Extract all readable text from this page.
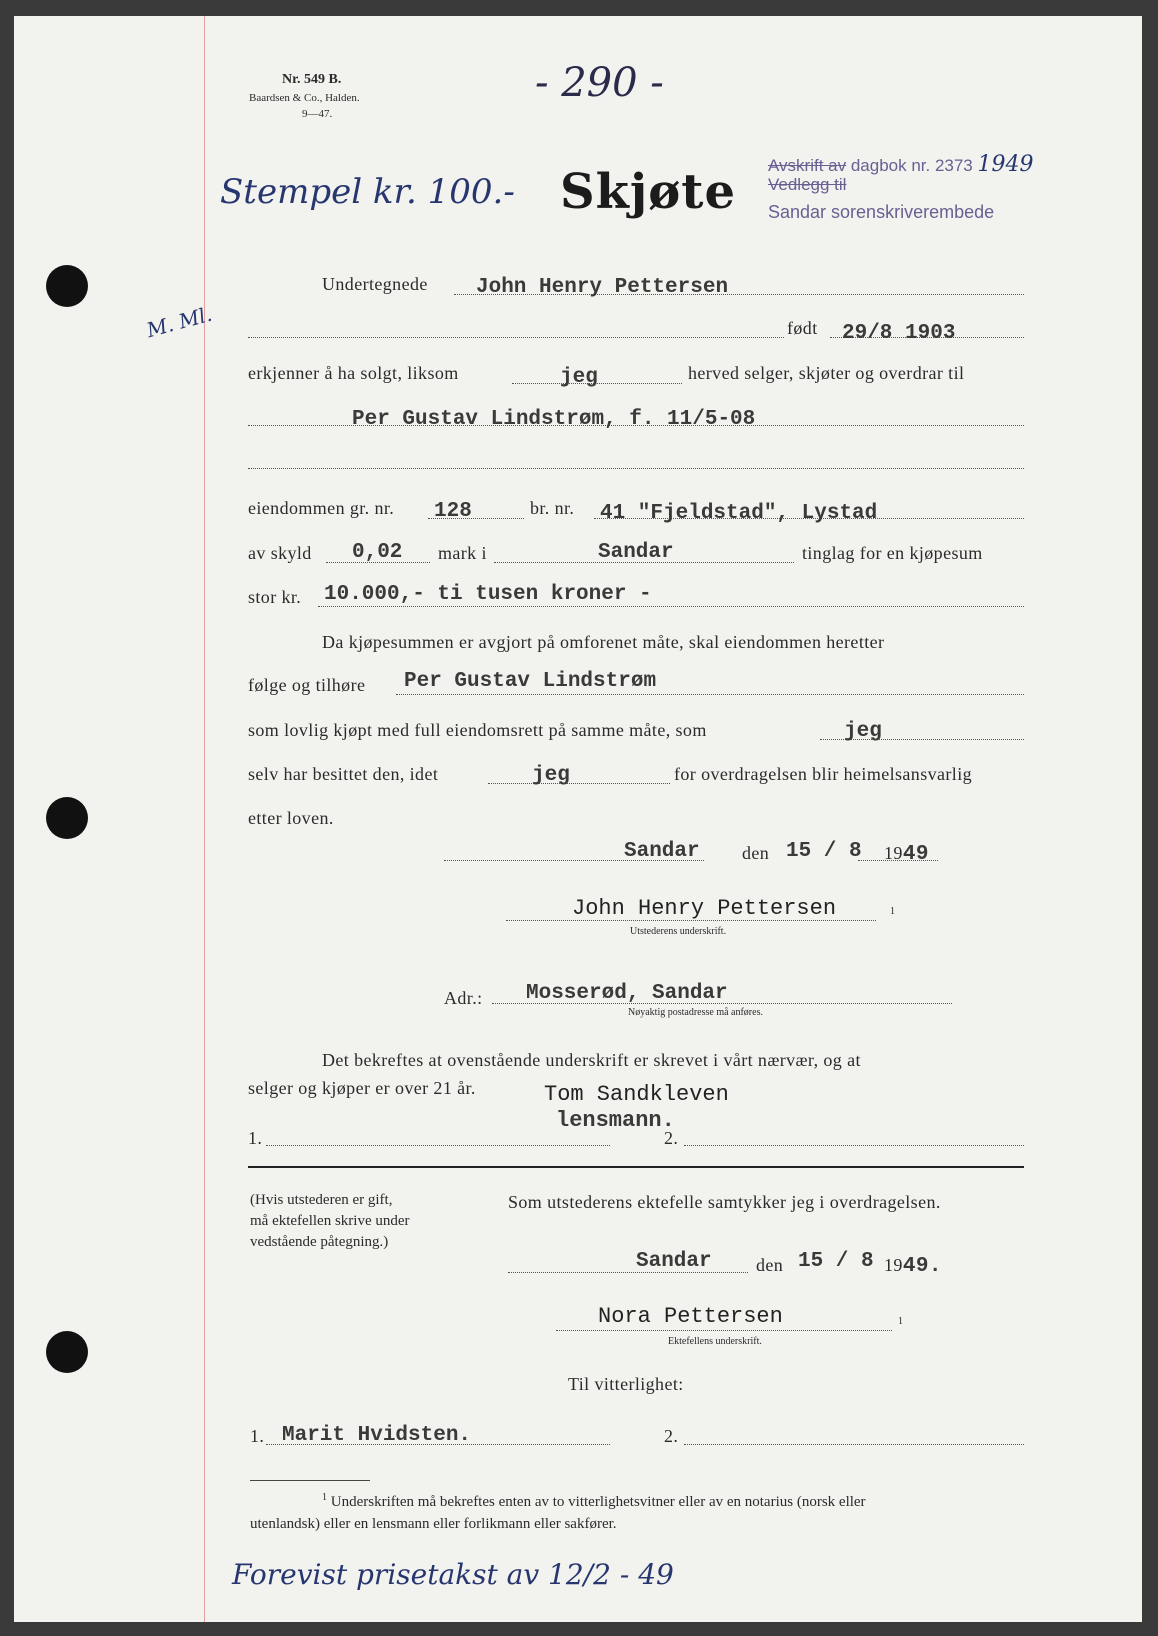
Nr. 549 B.
Baardsen & Co., Halden.
9—47.
- 290 -
Stempel kr. 100.- Skjøte Avskrift av dagbok nr. 2373 1949
Vedlegg til
Sandar sorenskriverembede
M. Ml.
Undertegnede John Henry Pettersen
født 29/8 1903
erkjenner å ha solgt, liksom	jeg	herved selger, skjøter og overdrar til
Per Gustav Lindstrøm, f. 11/5-08
eiendommen gr. nr. 128	br. nr. 41 "Fjeldstad", Lystad
av skyld 0,02 mark i	Sandar	tinglag for en kjøpesum
stor kr. 10.000,- ti tusen kroner -
Da kjøpesummen er avgjort på omforenet måte, skal eiendommen heretter
følge og tilhøre Per Gustav Lindstrøm
som lovlig kjøpt med full eiendomsrett på samme måte, som	jeg
selv har besittet den, idet	jeg	for overdragelsen blir heimelsansvarlig
etter loven.
Sandar den 15 / 8 1949
John Henry Pettersen	1
Utstederens underskrift.
Adr.: Mosserød, Sandar
Nøyaktig postadresse må anføres.
Det bekreftes at ovenstående underskrift er skrevet i vårt nærvær, og at
selger og kjøper er over 21 år.	Tom Sandkleven
lensmann.
1.	2.
(Hvis utstederen er gift,
må ektefellen skrive under
vedstående påtegning.)
Som utstederens ektefelle samtykker jeg i overdragelsen.
Sandar den 15 / 8 1949.
Nora Pettersen	1
Ektefellens underskrift.
Til vitterlighet:
1. Marit Hvidsten.	2.
$^1$ Underskriften må bekreftes enten av to vitterlighetsvitner eller av en notarius (norsk eller
utenlandsk) eller en lensmann eller forlikmann eller sakfører.
Forevist prisetakst av 12/2 - 49
